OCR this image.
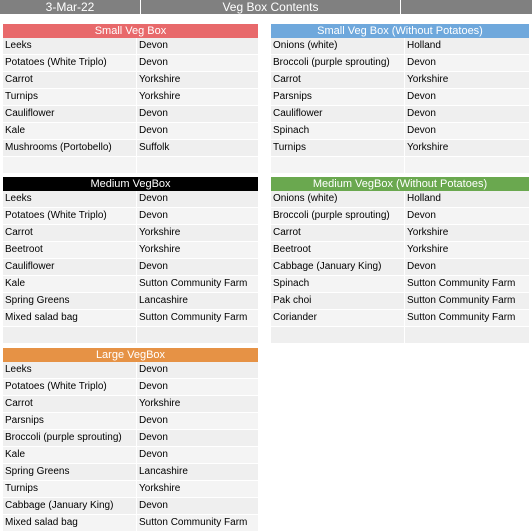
3-Mar-22	Veg Box Contents
Small Veg Box
Leeks	Devon
Potatoes (White Triplo)	Devon
Carrot	Yorkshire
Turnips	Yorkshire
Cauliflower	Devon
Kale	Devon
Mushrooms (Portobello)	Suffolk
Small Veg Box (Without Potatoes)
Onions (white)	Holland
Broccoli (purple sprouting) Devon
Carrot	Yorkshire
Parsnips	Devon
Cauliflower	Devon
Spinach	Devon
Turnips	Yorkshire
Medium VegBox
Leeks	Devon
Potatoes (White Triplo)	Devon
Carrot	Yorkshire
Beetroot	Yorkshire
Cauliflower	Devon
Kale	Sutton Community Farm
Spring Greens	Lancashire
Mixed salad bag	Sutton Community Farm
Medium VegBox (Without Potatoes)
Onions (white)	Holland
Broccoli (purple sprouting) Devon
Carrot	Yorkshire
Beetroot	Yorkshire
Cabbage (January King)	Devon
Spinach	Sutton Community Farm
Pak choi	Sutton Community Farm
Coriander	Sutton Community Farm
Large VegBox
Leeks	Devon
Potatoes (White Triplo)	Devon
Carrot	Yorkshire
Parsnips	Devon
Broccoli (purple sprouting) Devon
Kale	Devon
Spring Greens	Lancashire
Turnips	Yorkshire
Cabbage (January King)	Devon
Mixed salad bag	Sutton Community Farm
